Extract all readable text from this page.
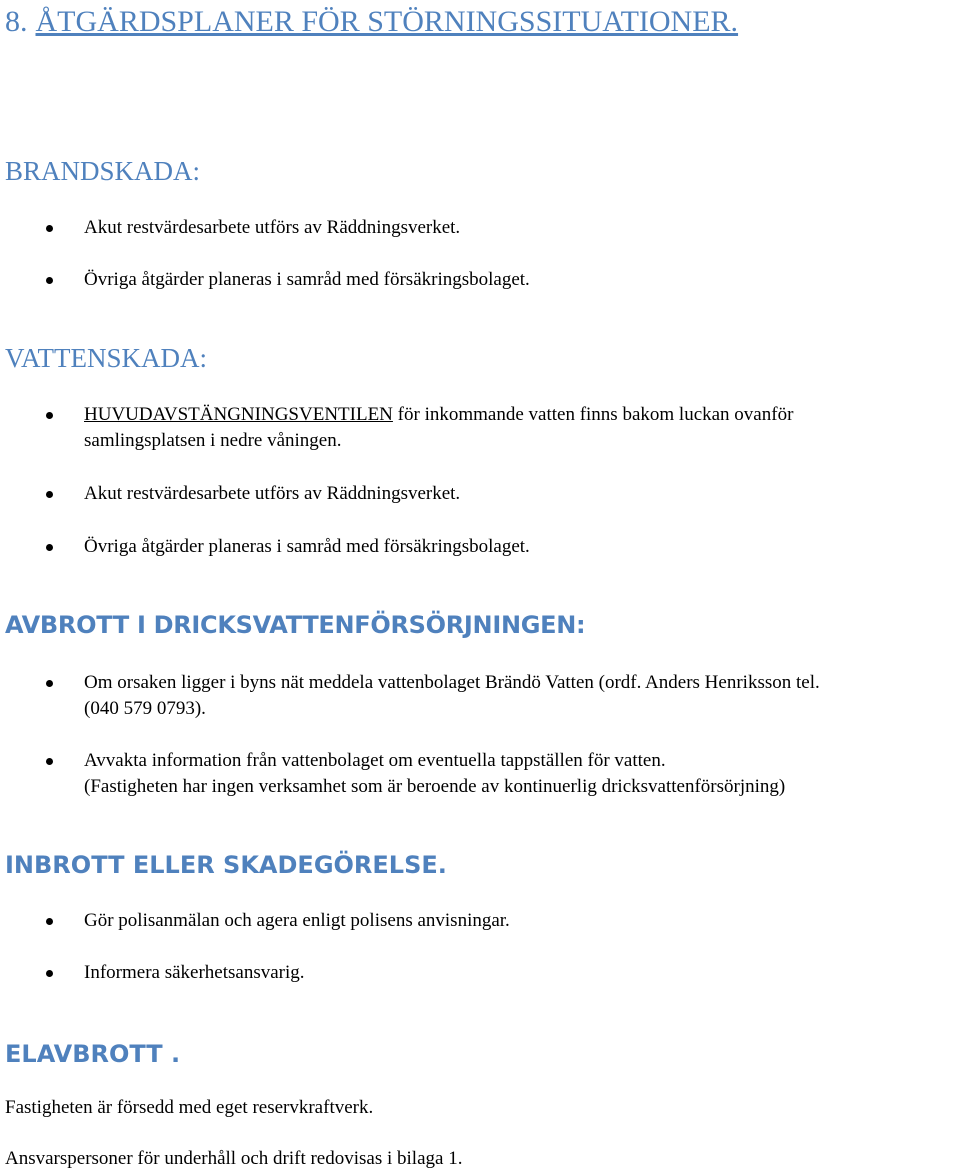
8. ÅTGÄRDSPLANER FÖR STÖRNINGSSITUATIONER.
BRANDSKADA:
Akut restvärdesarbete utförs av Räddningsverket.
Övriga åtgärder planeras i samråd med försäkringsbolaget.
VATTENSKADA:
HUVUDAVSTÄNGNINGSVENTILEN för inkommande vatten finns bakom luckan ovanför
samlingsplatsen i nedre våningen.
Akut restvärdesarbete utförs av Räddningsverket.
Övriga åtgärder planeras i samråd med försäkringsbolaget.
AVBROTT I DRICKSVATTENFÖRSÖRJNINGEN:
Om orsaken ligger i byns nät meddela vattenbolaget Brändö Vatten (ordf. Anders Henriksson tel.
(040 579 0793).
Avvakta information från vattenbolaget om eventuella tappställen för vatten.
(Fastigheten har ingen verksamhet som är beroende av kontinuerlig dricksvattenförsörjning)
INBROTT ELLER SKADEGÖRELSE.
Gör polisanmälan och agera enligt polisens anvisningar.
Informera säkerhetsansvarig.
ELAVBROTT .
Fastigheten är försedd med eget reservkraftverk.
Ansvarspersoner för underhåll och drift redovisas i bilaga 1.
